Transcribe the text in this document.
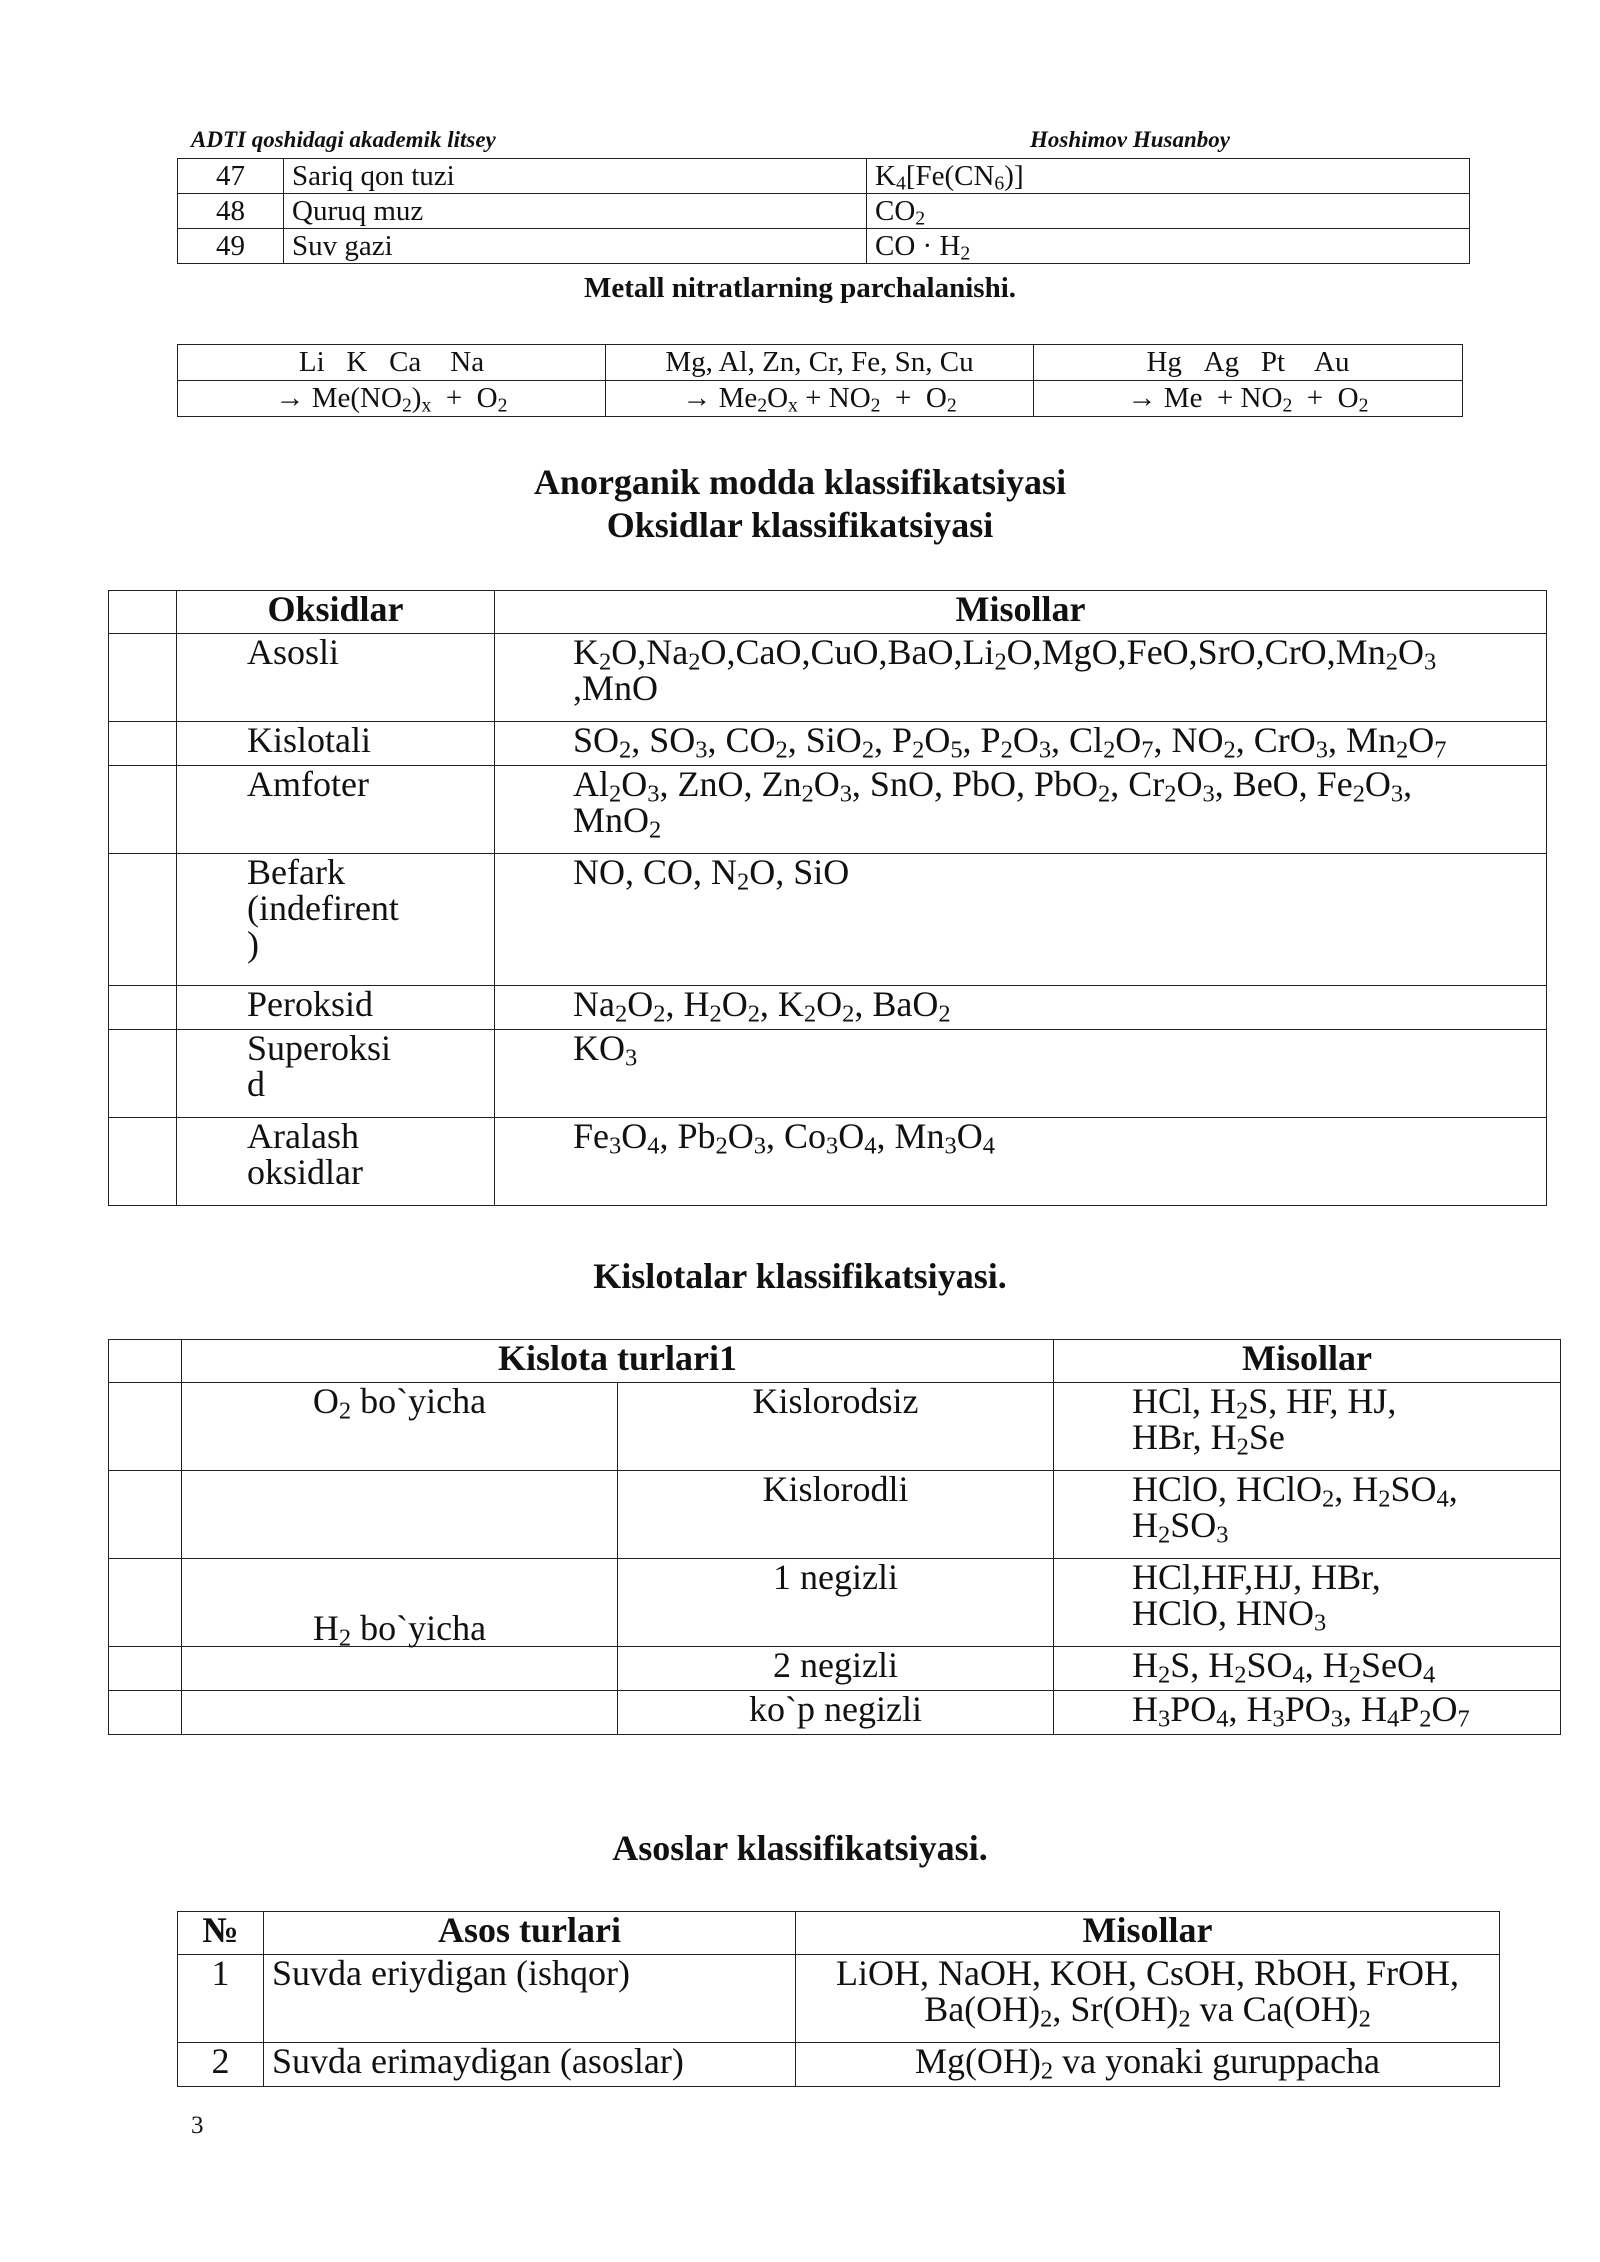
ADTI qoshidagi akademik litsey	Hoshimov Husanboy
47	Sariq qon tuzi	$K_4[Fe(CN_6)]$
48	Quruq muz	$CO_2$
49	Suv gazi	CO · $H_2$
Metall nitratlarning parchalanishi.
Li   K   Ca    Na	Mg, Al, Zn, Cr, Fe, Sn, Cu	Hg   Ag   Pt    Au
→ $Me(NO_2)_x + O_2$	→ $Me_2O_x + NO_2 + O_2$	→ $Me + NO_2 + O_2$
Anorganik modda klassifikatsiyasi
Oksidlar klassifikatsiyasi
	Oksidlar	Misollar
	Asosli	$K_2O,Na_2O,CaO,CuO,BaO,Li_2O,MgO,FeO,SrO,CrO,Mn_2O_3$
,MnO
	Kislotali	$SO_2$, $SO_3$, $CO_2$, SiO$_2$, $P_2O_5$, $P_2O_3$, $Cl_2O_7$, $NO_2$, CrO$_3$, $Mn_2O_7$
	Amfoter	$Al_2O_3$, ZnO, $Zn_2O_3$, SnO, PbO, PbO$_2$, $Cr_2O_3$, BeO, $Fe_2O_3$,
MnO$_2$
	Befark
(indefirent
)	NO, CO, $N_2O$, SiO
	Peroksid	$Na_2O_2$, $H_2O_2$, $K_2O_2$, BaO$_2$
	Superoksi
d	$KO_3$
	Aralash
oksidlar	$Fe_3O_4$, $Pb_2O_3$, $Co_3O_4$, $Mn_3O_4$
Kislotalar klassifikatsiyasi.
	Kislota turlari1		Misollar
	$O_2$ bo`yicha	Kislorodsiz	HCl, $H_2S$, HF, HJ,
HBr, $H_2Se$
		Kislorodli	HClO, HClO$_2$, $H_2SO_4$,
$H_2SO_3$
	$H_2$ bo`yicha	1 negizli	HCl,HF,HJ, HBr,
HClO, $HNO_3$
		2 negizli	$H_2S$, $H_2SO_4$, $H_2SeO_4$
		ko`p negizli	$H_3PO_4$, $H_3PO_3$, $H_4P_2O_7$
Asoslar klassifikatsiyasi.
№	Asos turlari	Misollar
1	Suvda eriydigan (ishqor)	LiOH, NaOH, KOH, CsOH, RbOH, FrOH,
$Ba(OH)_2$, $Sr(OH)_2$ va $Ca(OH)_2$
2	Suvda erimaydigan (asoslar)	$Mg(OH)_2$ va yonaki guruppacha
3
